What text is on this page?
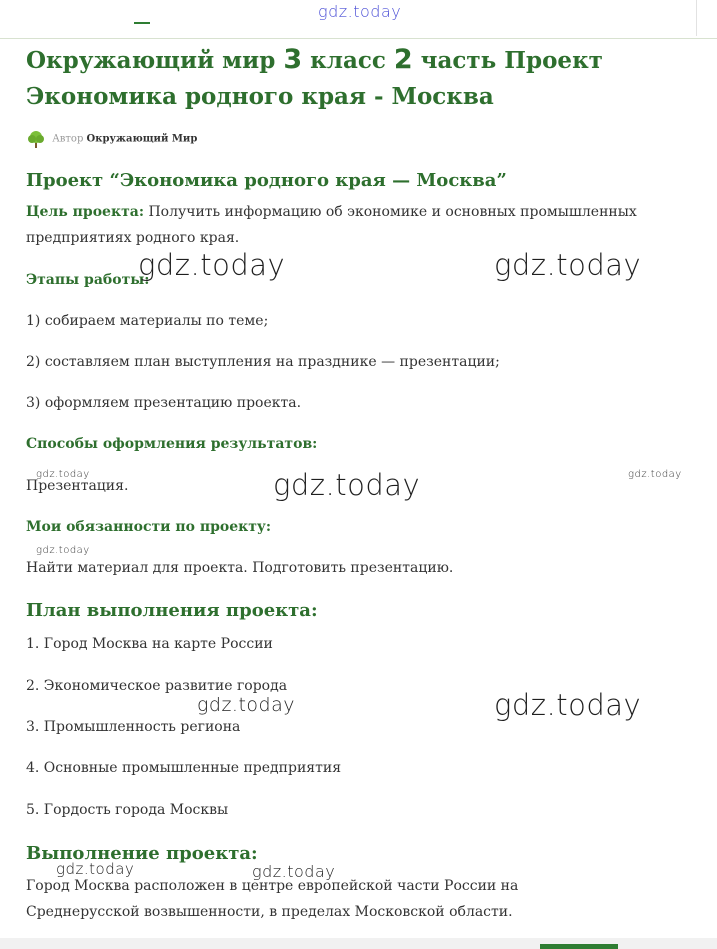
gdz.today
Окружающий мир 3 класс 2 часть Проект
Экономика родного края - Москва
Автор Окружающий Мир
Проект “Экономика родного края — Москва”
Цель проекта: Получить информацию об экономике и основных промышленных предприятиях родного края.
Этапы работы:
1) собираем материалы по теме;
2) составляем план выступления на празднике — презентации;
3) оформляем презентацию проекта.
Способы оформления результатов:
Презентация.
Мои обязанности по проекту:
Найти материал для проекта. Подготовить презентацию.
План выполнения проекта:
1. Город Москва на карте России
2. Экономическое развитие города
3. Промышленность региона
4. Основные промышленные предприятия
5. Гордость города Москвы
Выполнение проекта:
Город Москва расположен в центре европейской части России на Среднерусской возвышенности, в пределах Московской области.
gdz.today	gdz.today
gdz.today	gdz.today	gdz.today
gdz.today
gdz.today	gdz.today
gdz.today	gdz.today
